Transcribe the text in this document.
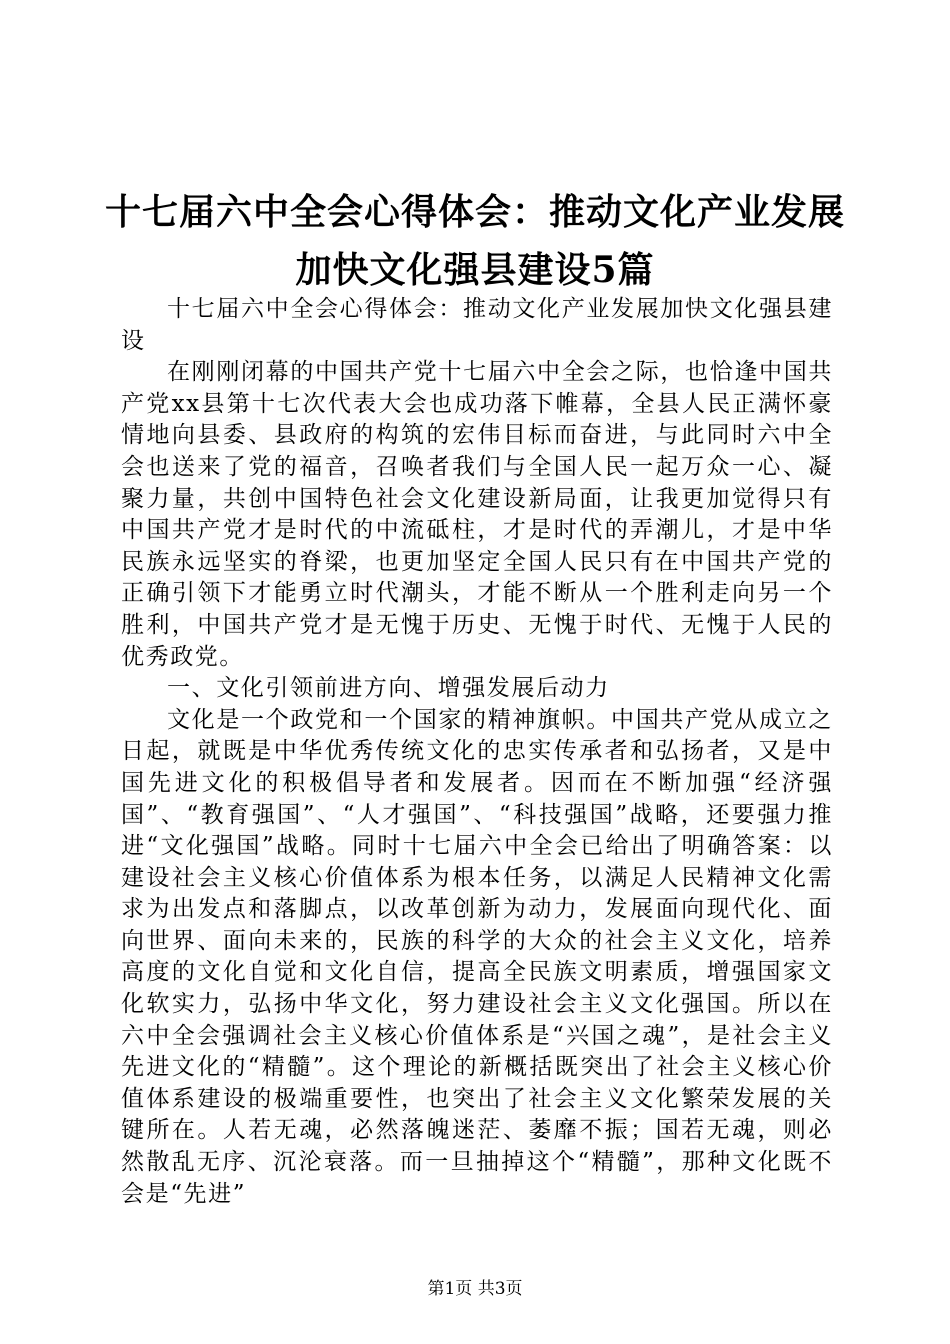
十七届六中全会心得体会：推动文化产业发展
加快文化强县建设5篇

十七届六中全会心得体会：推动文化产业发展加快文化强县建设

在刚刚闭幕的中国共产党十七届六中全会之际，也恰逢中国共产党xx县第十七次代表大会也成功落下帷幕，全县人民正满怀豪情地向县委、县政府的构筑的宏伟目标而奋进，与此同时六中全会也送来了党的福音，召唤者我们与全国人民一起万众一心、凝聚力量，共创中国特色社会文化建设新局面，让我更加觉得只有中国共产党才是时代的中流砥柱，才是时代的弄潮儿，才是中华民族永远坚实的脊梁，也更加坚定全国人民只有在中国共产党的正确引领下才能勇立时代潮头，才能不断从一个胜利走向另一个胜利，中国共产党才是无愧于历史、无愧于时代、无愧于人民的优秀政党。

一、文化引领前进方向、增强发展后动力

文化是一个政党和一个国家的精神旗帜。中国共产党从成立之日起，就既是中华优秀传统文化的忠实传承者和弘扬者，又是中国先进文化的积极倡导者和发展者。因而在不断加强“经济强国”、“教育强国”、“人才强国”、“科技强国”战略，还要强力推进“文化强国”战略。同时十七届六中全会已给出了明确答案：以建设社会主义核心价值体系为根本任务，以满足人民精神文化需求为出发点和落脚点，以改革创新为动力，发展面向现代化、面向世界、面向未来的，民族的科学的大众的社会主义文化，培养高度的文化自觉和文化自信，提高全民族文明素质，增强国家文化软实力，弘扬中华文化，努力建设社会主义文化强国。所以在六中全会强调社会主义核心价值体系是“兴国之魂”，是社会主义先进文化的“精髓”。这个理论的新概括既突出了社会主义核心价值体系建设的极端重要性，也突出了社会主义文化繁荣发展的关键所在。人若无魂，必然落魄迷茫、萎靡不振；国若无魂，则必然散乱无序、沉沦衰落。而一旦抽掉这个“精髓”，那种文化既不会是“先进”

第1页 共3页
